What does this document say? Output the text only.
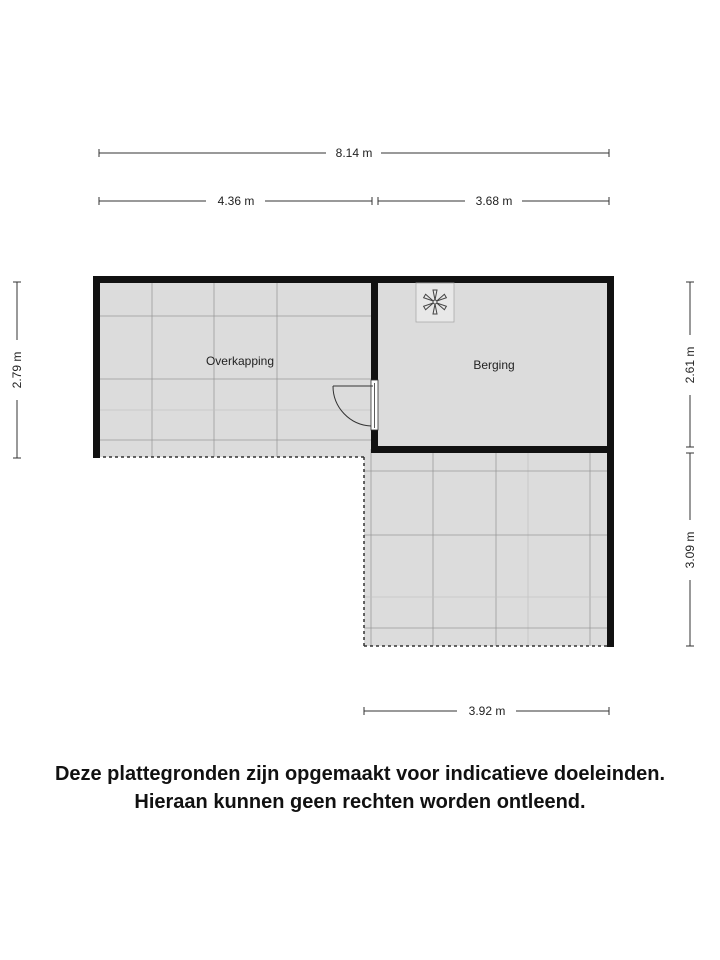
Overkapping	Berging
8.14 m
4.36 m	3.68 m
3.92 m
2.79 m	2.61 m
3.09 m
Deze plattegronden zijn opgemaakt voor indicatieve doeleinden.
Hieraan kunnen geen rechten worden ontleend.
